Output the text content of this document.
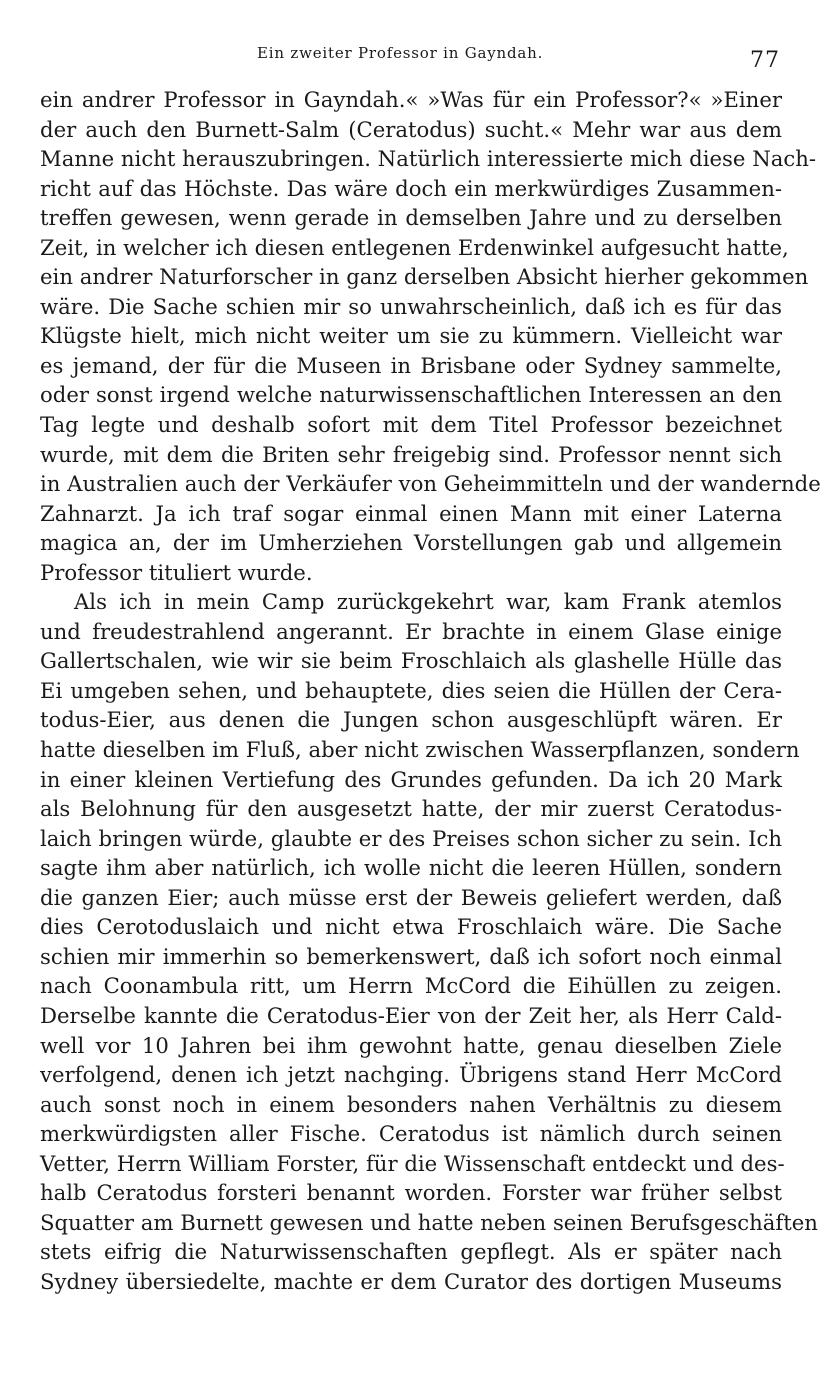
Ein zweiter Professor in Gayndah.	77
ein andrer Professor in Gayndah.« »Was für ein Professor?« »Einer
der auch den Burnett-Salm (Ceratodus) sucht.« Mehr war aus dem
Manne nicht herauszubringen. Natürlich interessierte mich diese Nach-
richt auf das Höchste. Das wäre doch ein merkwürdiges Zusammen-
treffen gewesen, wenn gerade in demselben Jahre und zu derselben
Zeit, in welcher ich diesen entlegenen Erdenwinkel aufgesucht hatte,
ein andrer Naturforscher in ganz derselben Absicht hierher gekommen
wäre. Die Sache schien mir so unwahrscheinlich, daß ich es für das
Klügste hielt, mich nicht weiter um sie zu kümmern. Vielleicht war
es jemand, der für die Museen in Brisbane oder Sydney sammelte,
oder sonst irgend welche naturwissenschaftlichen Interessen an den
Tag legte und deshalb sofort mit dem Titel Professor bezeichnet
wurde, mit dem die Briten sehr freigebig sind. Professor nennt sich
in Australien auch der Verkäufer von Geheimmitteln und der wandernde
Zahnarzt. Ja ich traf sogar einmal einen Mann mit einer Laterna
magica an, der im Umherziehen Vorstellungen gab und allgemein
Professor tituliert wurde.
Als ich in mein Camp zurückgekehrt war, kam Frank atemlos
und freudestrahlend angerannt. Er brachte in einem Glase einige
Gallertschalen, wie wir sie beim Froschlaich als glashelle Hülle das
Ei umgeben sehen, und behauptete, dies seien die Hüllen der Cera-
todus-Eier, aus denen die Jungen schon ausgeschlüpft wären. Er
hatte dieselben im Fluß, aber nicht zwischen Wasserpflanzen, sondern
in einer kleinen Vertiefung des Grundes gefunden. Da ich 20 Mark
als Belohnung für den ausgesetzt hatte, der mir zuerst Ceratodus-
laich bringen würde, glaubte er des Preises schon sicher zu sein. Ich
sagte ihm aber natürlich, ich wolle nicht die leeren Hüllen, sondern
die ganzen Eier; auch müsse erst der Beweis geliefert werden, daß
dies Cerotoduslaich und nicht etwa Froschlaich wäre. Die Sache
schien mir immerhin so bemerkenswert, daß ich sofort noch einmal
nach Coonambula ritt, um Herrn McCord die Eihüllen zu zeigen.
Derselbe kannte die Ceratodus-Eier von der Zeit her, als Herr Cald-
well vor 10 Jahren bei ihm gewohnt hatte, genau dieselben Ziele
verfolgend, denen ich jetzt nachging. Übrigens stand Herr McCord
auch sonst noch in einem besonders nahen Verhältnis zu diesem
merkwürdigsten aller Fische. Ceratodus ist nämlich durch seinen
Vetter, Herrn William Forster, für die Wissenschaft entdeckt und des-
halb Ceratodus forsteri benannt worden. Forster war früher selbst
Squatter am Burnett gewesen und hatte neben seinen Berufsgeschäften
stets eifrig die Naturwissenschaften gepflegt. Als er später nach
Sydney übersiedelte, machte er dem Curator des dortigen Museums
